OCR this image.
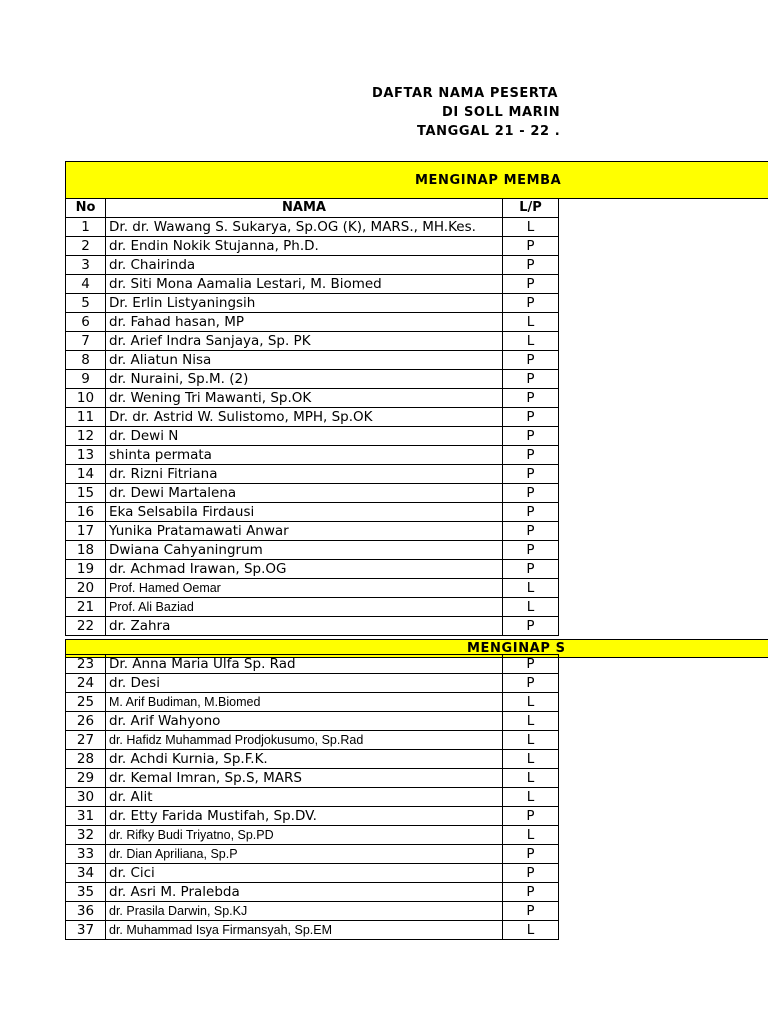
DAFTAR NAMA PESERTA
DI SOLL MARIN
TANGGAL 21 - 22 .
MENGINAP MEMBA
MENGINAP S
No	NAMA	L/P
1	Dr. dr. Wawang S. Sukarya, Sp.OG (K), MARS., MH.Kes.	L
2	dr. Endin Nokik Stujanna, Ph.D.	P
3	dr. Chairinda	P
4	dr. Siti Mona Aamalia Lestari, M. Biomed	P
5	Dr. Erlin Listyaningsih	P
6	dr. Fahad hasan, MP	L
7	dr. Arief Indra Sanjaya, Sp. PK	L
8	dr. Aliatun Nisa	P
9	dr. Nuraini, Sp.M. (2)	P
10	dr. Wening Tri Mawanti, Sp.OK	P
11	Dr. dr. Astrid W. Sulistomo, MPH, Sp.OK	P
12	dr. Dewi N	P
13	shinta permata	P
14	dr. Rizni Fitriana	P
15	dr. Dewi Martalena	P
16	Eka Selsabila Firdausi	P
17	Yunika Pratamawati Anwar	P
18	Dwiana Cahyaningrum	P
19	dr. Achmad Irawan, Sp.OG	P
20	Prof. Hamed Oemar	L
21	Prof. Ali Baziad	L
22	dr. Zahra	P

23	Dr. Anna Maria Ulfa Sp. Rad	P
24	dr. Desi	P
25	M. Arif Budiman, M.Biomed	L
26	dr. Arif Wahyono	L
27	dr. Hafidz Muhammad Prodjokusumo, Sp.Rad	L
28	dr. Achdi Kurnia, Sp.F.K.	L
29	dr. Kemal Imran, Sp.S, MARS	L
30	dr. Alit	L
31	dr. Etty Farida Mustifah, Sp.DV.	P
32	dr. Rifky Budi Triyatno, Sp.PD	L
33	dr. Dian Apriliana, Sp.P	P
34	dr. Cici	P
35	dr. Asri M. Pralebda	P
36	dr. Prasila Darwin, Sp.KJ	P
37	dr. Muhammad Isya Firmansyah, Sp.EM	L
